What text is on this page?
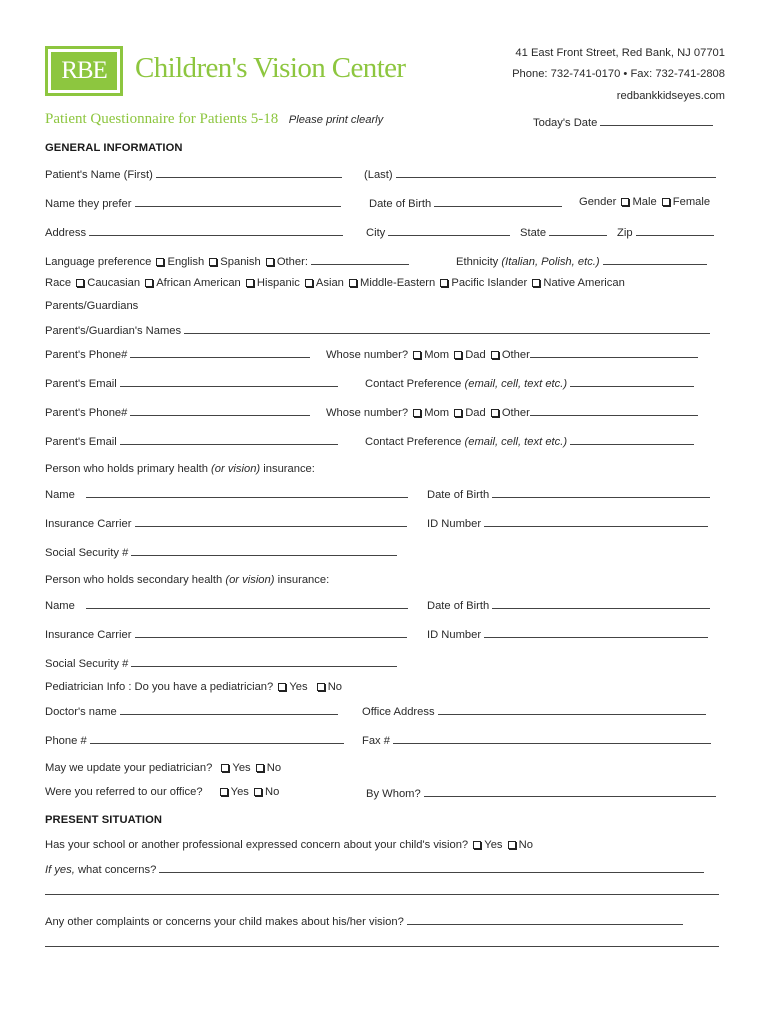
RBE Children's Vision Center	41 East Front Street, Red Bank, NJ 07701
Phone: 732-741-0170 • Fax: 732-741-2808
redbankkidseyes.com
Patient Questionnaire for Patients 5-18 Please print clearly	Today's Date
GENERAL INFORMATION
Patient's Name (First)	(Last)
Name they prefer	Date of Birth	Gender Male Female
Address	City	State	Zip
Language preference English Spanish Other:	Ethnicity (Italian, Polish, etc.)
Race Caucasian African American Hispanic Asian Middle-Eastern Pacific Islander Native American
Parents/Guardians
Parent's/Guardian's Names
Parent's Phone#	Whose number? Mom Dad Other
Parent's Email	Contact Preference (email, cell, text etc.)
Parent's Phone#	Whose number? Mom Dad Other
Parent's Email	Contact Preference (email, cell, text etc.)
Person who holds primary health (or vision) insurance:
Name	Date of Birth
Insurance Carrier	ID Number
Social Security #
Person who holds secondary health (or vision) insurance:
Name	Date of Birth
Insurance Carrier	ID Number
Social Security #
Pediatrician Info : Do you have a pediatrician? Yes No
Doctor's name	Office Address
Phone #	Fax #
May we update your pediatrician? Yes No
Were you referred to our office?	Yes No	By Whom?
PRESENT SITUATION
Has your school or another professional expressed concern about your child's vision? Yes No
If yes, what concerns?
Any other complaints or concerns your child makes about his/her vision?
